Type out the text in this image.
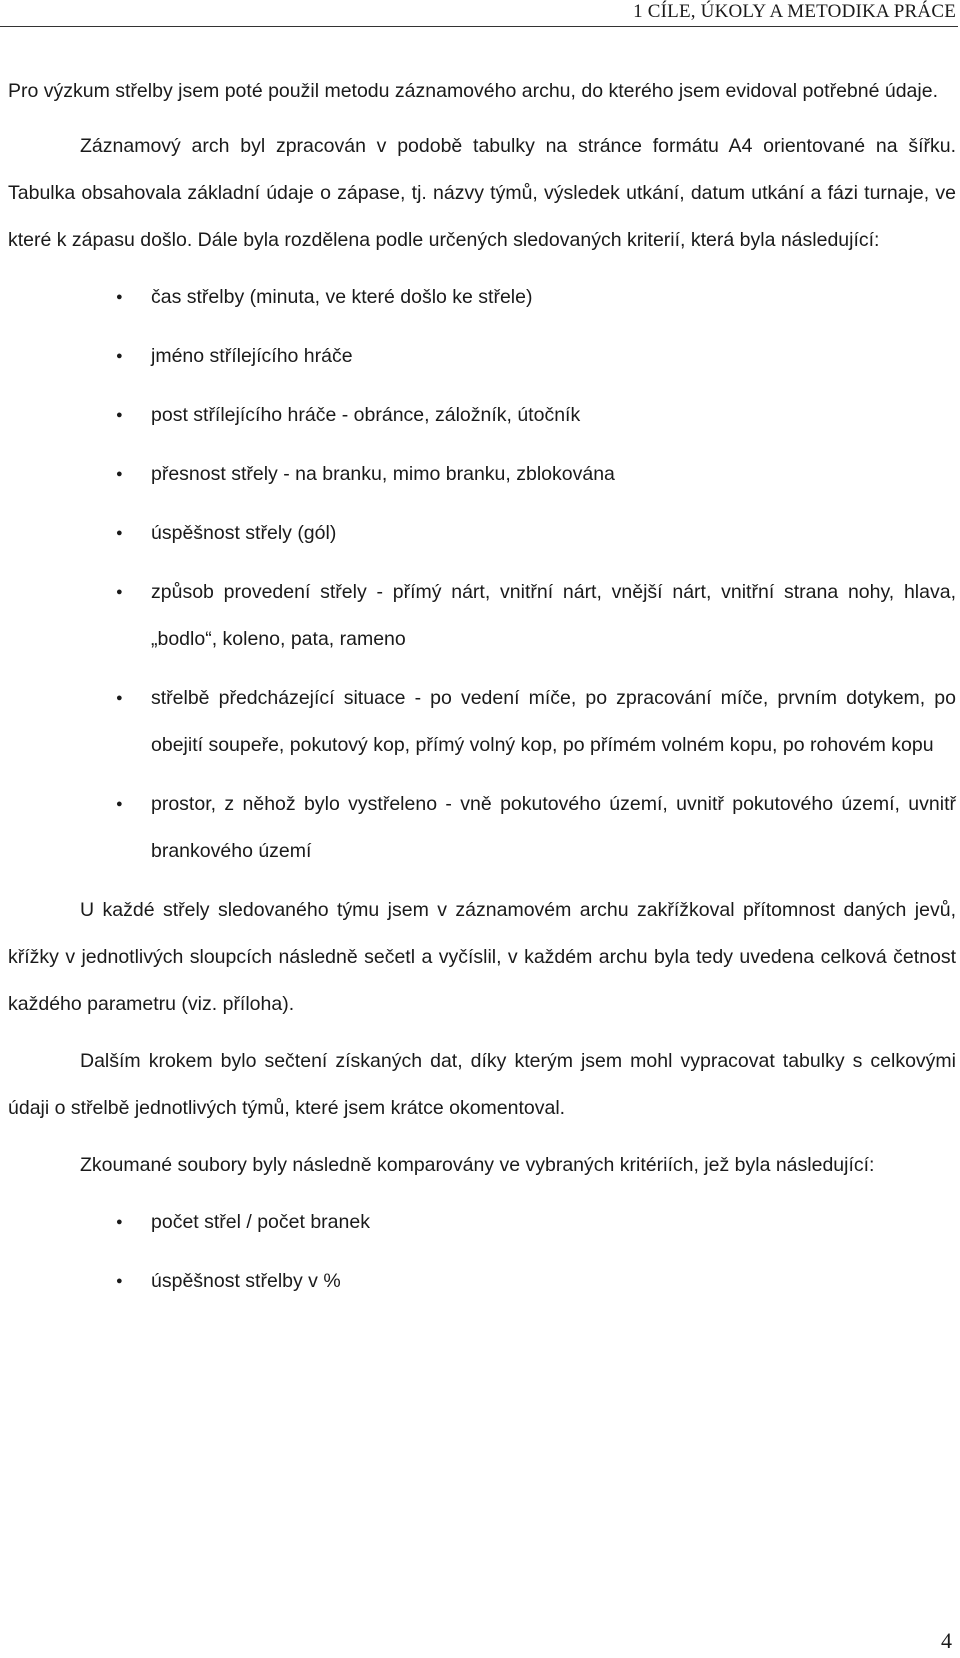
1 CÍLE, ÚKOLY A METODIKA PRÁCE

Pro výzkum střelby jsem poté použil metodu záznamového archu, do kterého jsem evidoval potřebné údaje.

Záznamový arch byl zpracován v podobě tabulky na stránce formátu A4 orientované na šířku. Tabulka obsahovala základní údaje o zápase, tj. názvy týmů, výsledek utkání, datum utkání a fázi turnaje, ve které k zápasu došlo. Dále byla rozdělena podle určených sledovaných kriterií, která byla následující:

● čas střelby (minuta, ve které došlo ke střele)
● jméno střílejícího hráče
● post střílejícího hráče - obránce, záložník, útočník
● přesnost střely - na branku, mimo branku, zblokována
● úspěšnost střely (gól)
● způsob provedení střely - přímý nárt, vnitřní nárt, vnější nárt, vnitřní strana nohy, hlava, „bodlo“, koleno, pata, rameno
● střelbě předcházející situace - po vedení míče, po zpracování míče, prvním dotykem, po obejití soupeře, pokutový kop, přímý volný kop, po přímém volném kopu, po rohovém kopu
● prostor, z něhož bylo vystřeleno - vně pokutového území, uvnitř pokutového území, uvnitř brankového území

U každé střely sledovaného týmu jsem v záznamovém archu zakřížkoval přítomnost daných jevů, křížky v jednotlivých sloupcích následně sečetl a vyčíslil, v každém archu byla tedy uvedena celková četnost každého parametru (viz. příloha).

Dalším krokem bylo sečtení získaných dat, díky kterým jsem mohl vypracovat tabulky s celkovými údaji o střelbě jednotlivých týmů, které jsem krátce okomentoval.

Zkoumané soubory byly následně komparovány ve vybraných kritériích, jež byla následující:

● počet střel / počet branek
● úspěšnost střelby v %
4
